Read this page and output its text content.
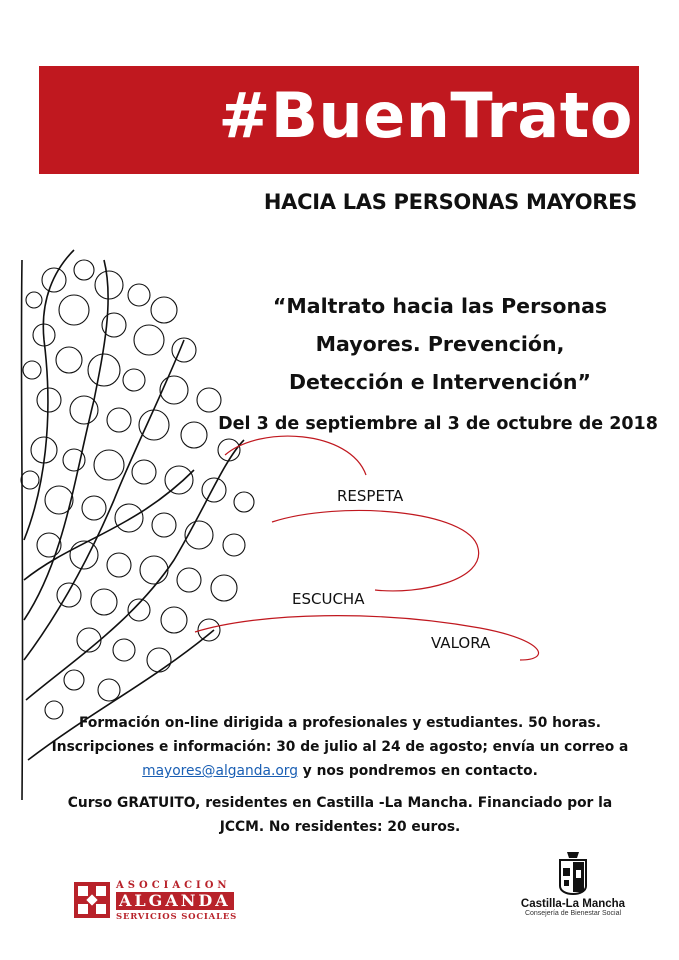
#BuenTrato
HACIA LAS PERSONAS MAYORES
“Maltrato hacia las Personas
Mayores. Prevención,
Detección e Intervención”
Del 3 de septiembre al 3 de octubre de 2018
RESPETA
ESCUCHA
VALORA
Formación on-line dirigida a profesionales y estudiantes. 50 horas.
Inscripciones e información: 30 de julio al 24 de agosto; envía un correo a
mayores@alganda.org y nos pondremos en contacto.
Curso GRATUITO, residentes en Castilla -La Mancha. Financiado por la
JCCM. No residentes: 20 euros.
ASOCIACION
ALGANDA
SERVICIOS SOCIALES
Castilla-La Mancha
Consejería de Bienestar Social
